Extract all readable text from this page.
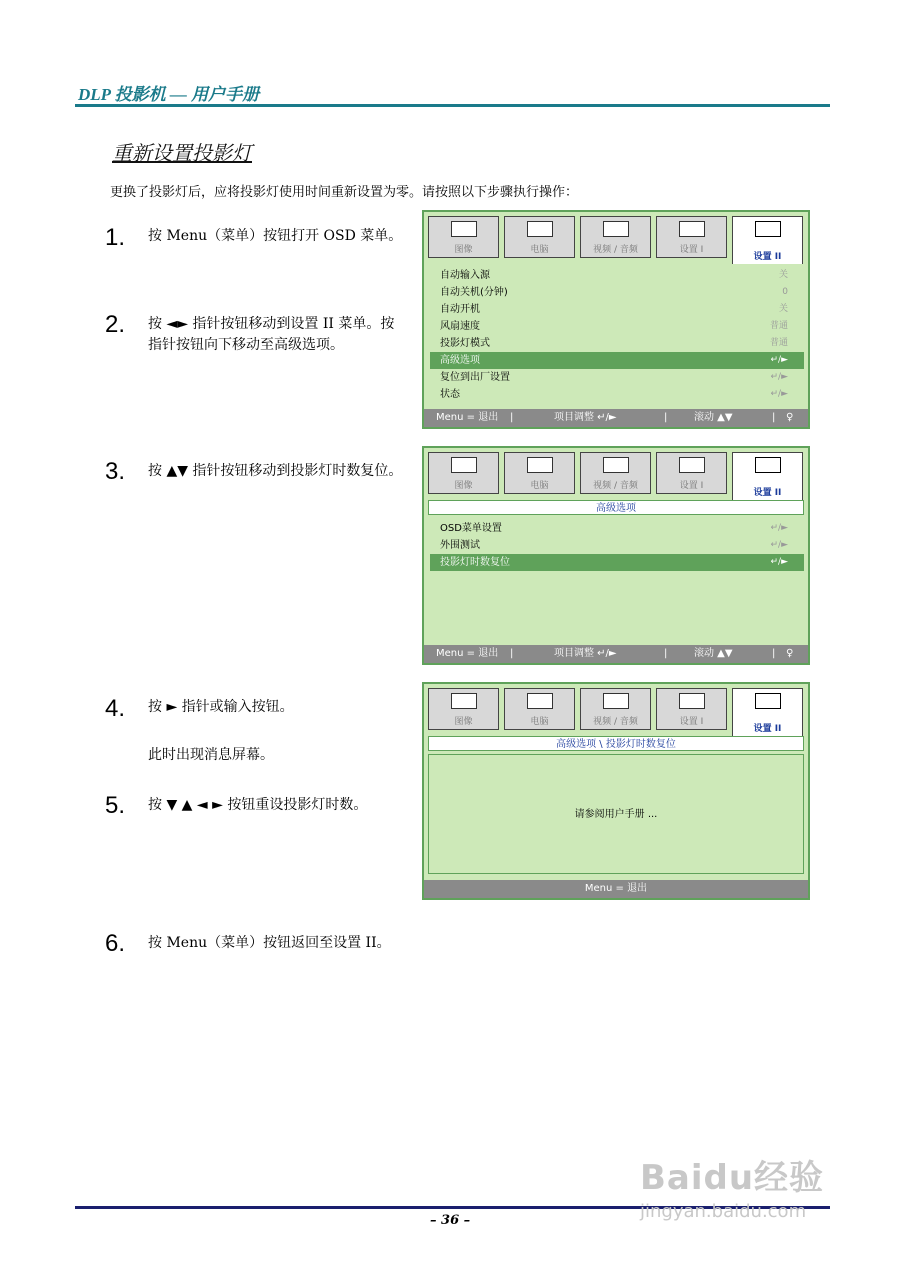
DLP 投影机 — 用户手册
重新设置投影灯
更换了投影灯后，应将投影灯使用时间重新设置为零。请按照以下步骤执行操作：
1. 按 Menu（菜单）按钮打开 OSD 菜单。
2. 按 ◄► 指针按钮移动到设置 II 菜单。按指针按钮向下移动至高级选项。
3. 按 ▲▼ 指针按钮移动到投影灯时数复位。
4. 按 ► 指针或输入按钮。
此时出现消息屏幕。
5. 按 ▼ ▲ ◄ ► 按钮重设投影灯时数。
6. 按 Menu（菜单）按钮返回至设置 II。
图像	电脑	视频 / 音频	设置 I
设置 II
自动输入源	关
自动关机(分钟)	0
自动开机	关
风扇速度	普通
投影灯模式	普通
高级选项	↵/►
复位到出厂设置	↵/►
状态	↵/►
Menu = 退出 |	项目调整 ↵/►	|	滚动 ▲▼	| ♀
图像	电脑	视频 / 音频	设置 I
设置 II
高级选项
OSD菜单设置	↵/►
外围测试	↵/►
投影灯时数复位	↵/►
Menu = 退出 |	项目调整 ↵/►	|	滚动 ▲▼	| ♀
图像	电脑	视频 / 音频	设置 I
设置 II
高级选项 \ 投影灯时数复位
请参阅用户手册 ...
Menu = 退出
– 36 –
Baidu经验
jingyan.baidu.com
